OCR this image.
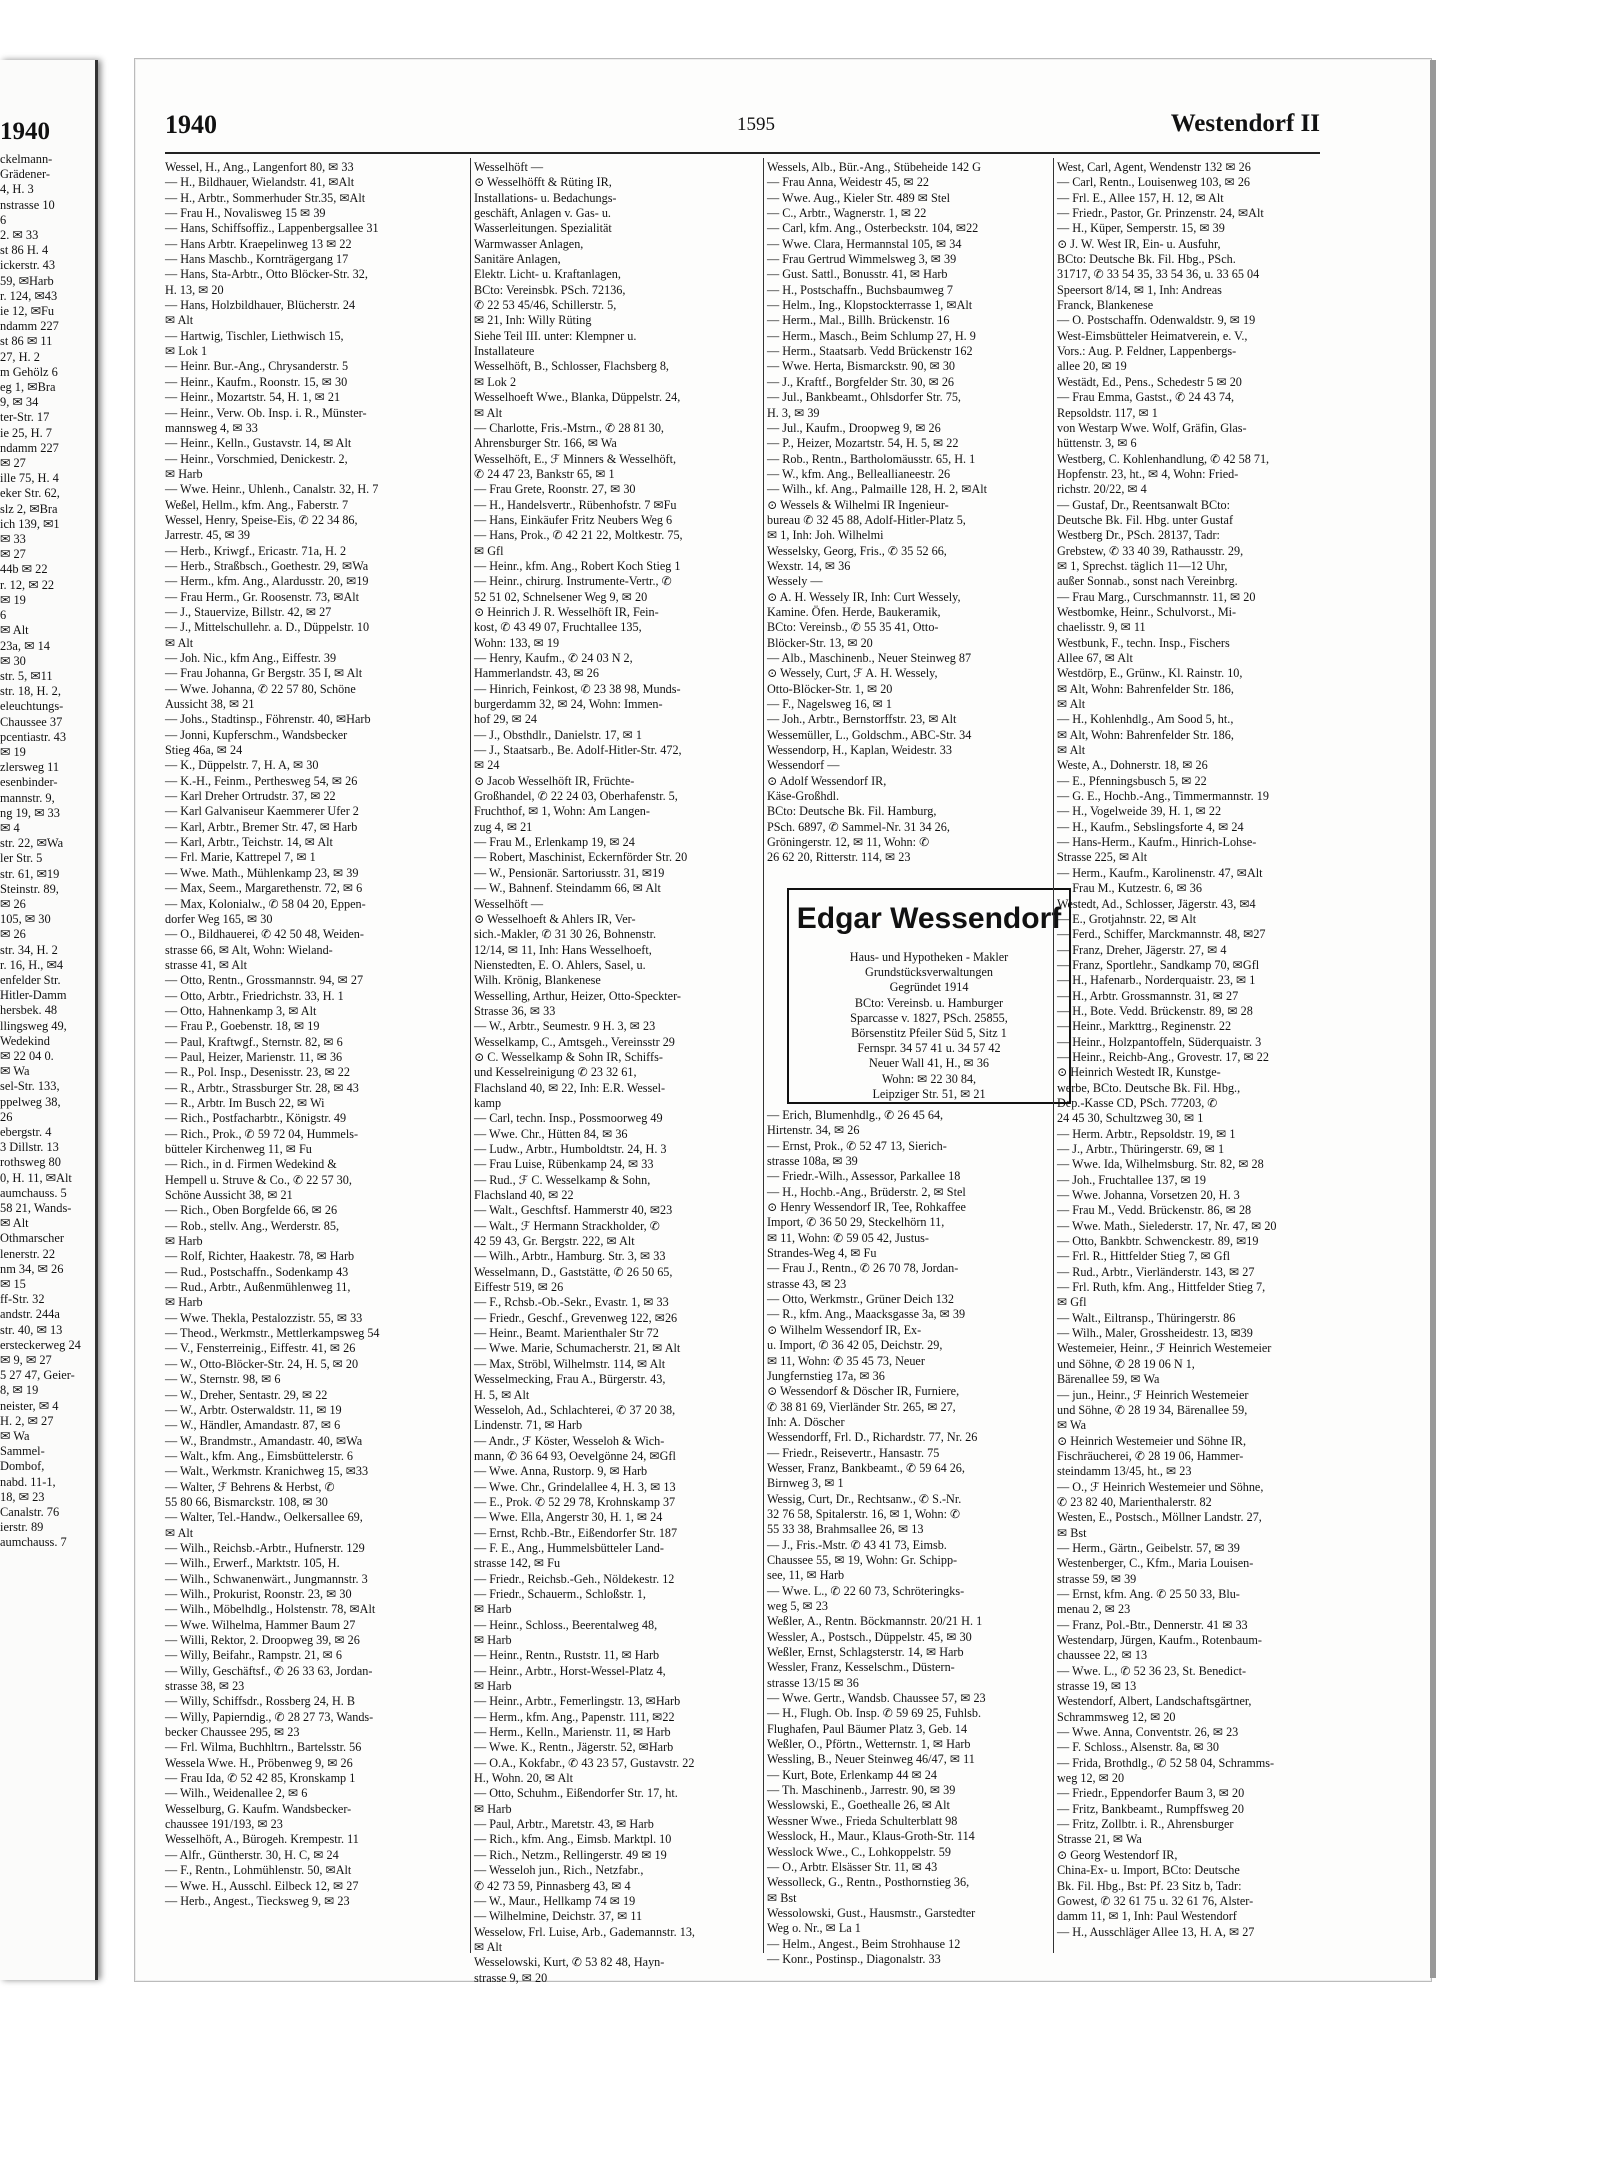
1940
ckelmann-
Grädener-
4, H. 3
nstrasse 10
6
2. ✉ 33
st 86 H. 4
ickerstr. 43
59, ✉Harb
r. 124, ✉43
ie 12, ✉Fu
ndamm 227
st 86 ✉ 11
27, H. 2
m Gehölz 6
eg 1, ✉Bra
9, ✉ 34
ter-Str. 17
ie 25, H. 7
ndamm 227
✉ 27
ille 75, H. 4
eker Str. 62,
slz 2, ✉Bra
ich 139, ✉1
✉ 33
✉ 27
44b ✉ 22
r. 12, ✉ 22
✉ 19
6
✉ Alt
23a, ✉ 14
✉ 30
str. 5, ✉11
str. 18, H. 2,
eleuchtungs-
Chaussee 37
pcentiastr. 43
✉ 19
zlersweg 11
esenbinder-
mannstr. 9,
ng 19, ✉ 33
✉ 4
str. 22, ✉Wa
ler Str. 5
str. 61, ✉19
Steinstr. 89,
✉ 26
105, ✉ 30
✉ 26
str. 34, H. 2
r. 16, H., ✉4
enfelder Str.
Hitler-Damm
hersbek. 48
llingsweg 49,
Wedekind
✉ 22 04 0.
✉ Wa
sel-Str. 133,
ppelweg 38,
26
ebergstr. 4
3 Dillstr. 13
rothsweg 80
0, H. 11, ✉Alt
aumchauss. 5
58 21, Wands-
✉ Alt
Othmarscher
lenerstr. 22
nm 34, ✉ 26
✉ 15
ff-Str. 32
andstr. 244a
str. 40, ✉ 13
ersteckerweg 24
✉ 9, ✉ 27
5 27 47, Geier-
8, ✉ 19
neister, ✉ 4
H. 2, ✉ 27
✉ Wa
Sammel-
Dombof,
nabd. 11-1,
18, ✉ 23
Canalstr. 76
ierstr. 89
aumchauss. 7
1940	1595	Westendorf II
Wessel, H., Ang., Langenfort 80, ✉ 33
— H., Bildhauer, Wielandstr. 41, ✉Alt
— H., Arbtr., Sommerhuder Str.35, ✉Alt
— Frau H., Novalisweg 15 ✉ 39
— Hans, Schiffsoffiz., Lappenbergsallee 31
— Hans Arbtr. Kraepelinweg 13 ✉ 22
— Hans Maschb., Kornträgergang 17
— Hans, Sta-Arbtr., Otto Blöcker-Str. 32,
H. 13, ✉ 20
— Hans, Holzbildhauer, Blücherstr. 24
✉ Alt
— Hartwig, Tischler, Liethwisch 15,
✉ Lok 1
— Heinr. Bur.-Ang., Chrysanderstr. 5
— Heinr., Kaufm., Roonstr. 15, ✉ 30
— Heinr., Mozartstr. 54, H. 1, ✉ 21
— Heinr., Verw. Ob. Insp. i. R., Münster-
mannsweg 4, ✉ 33
— Heinr., Kelln., Gustavstr. 14, ✉ Alt
— Heinr., Vorschmied, Denickestr. 2,
✉ Harb
— Wwe. Heinr., Uhlenh., Canalstr. 32, H. 7
Weßel, Hellm., kfm. Ang., Faberstr. 7
Wessel, Henry, Speise-Eis, ✆ 22 34 86,
Jarrestr. 45, ✉ 39
— Herb., Kriwgf., Ericastr. 71a, H. 2
— Herb., Straßbsch., Goethestr. 29, ✉Wa
— Herm., kfm. Ang., Alardusstr. 20, ✉19
— Frau Herm., Gr. Roosenstr. 73, ✉Alt
— J., Stauervize, Billstr. 42, ✉ 27
— J., Mittelschullehr. a. D., Düppelstr. 10
✉ Alt
— Joh. Nic., kfm Ang., Eiffestr. 39
— Frau Johanna, Gr Bergstr. 35 I, ✉ Alt
— Wwe. Johanna, ✆ 22 57 80, Schöne
Aussicht 38, ✉ 21
— Johs., Stadtinsp., Föhrenstr. 40, ✉Harb
— Jonni, Kupferschm., Wandsbecker
Stieg 46a, ✉ 24
— K., Düppelstr. 7, H. A, ✉ 30
— K.-H., Feinm., Perthesweg 54, ✉ 26
— Karl Dreher Ortrudstr. 37, ✉ 22
— Karl Galvaniseur Kaemmerer Ufer 2
— Karl, Arbtr., Bremer Str. 47, ✉ Harb
— Karl, Arbtr., Teichstr. 14, ✉ Alt
— Frl. Marie, Kattrepel 7, ✉ 1
— Wwe. Math., Mühlenkamp 23, ✉ 39
— Max, Seem., Margarethenstr. 72, ✉ 6
— Max, Kolonialw., ✆ 58 04 20, Eppen-
dorfer Weg 165, ✉ 30
— O., Bildhauerei, ✆ 42 50 48, Weiden-
strasse 66, ✉ Alt, Wohn: Wieland-
strasse 41, ✉ Alt
— Otto, Rentn., Grossmannstr. 94, ✉ 27
— Otto, Arbtr., Friedrichstr. 33, H. 1
— Otto, Hahnenkamp 3, ✉ Alt
— Frau P., Goebenstr. 18, ✉ 19
— Paul, Kraftwgf., Sternstr. 82, ✉ 6
— Paul, Heizer, Marienstr. 11, ✉ 36
— R., Pol. Insp., Desenisstr. 23, ✉ 22
— R., Arbtr., Strassburger Str. 28, ✉ 43
— R., Arbtr. Im Busch 22, ✉ Wi
— Rich., Postfacharbtr., Königstr. 49
— Rich., Prok., ✆ 59 72 04, Hummels-
bütteler Kirchenweg 11, ✉ Fu
— Rich., in d. Firmen Wedekind &
Hempell u. Struve & Co., ✆ 22 57 30,
Schöne Aussicht 38, ✉ 21
— Rich., Oben Borgfelde 66, ✉ 26
— Rob., stellv. Ang., Werderstr. 85,
✉ Harb
— Rolf, Richter, Haakestr. 78, ✉ Harb
— Rud., Postschaffn., Sodenkamp 43
— Rud., Arbtr., Außenmühlenweg 11,
✉ Harb
— Wwe. Thekla, Pestalozzistr. 55, ✉ 33
— Theod., Werkmstr., Mettlerkampsweg 54
— V., Fensterreinig., Eiffestr. 41, ✉ 26
— W., Otto-Blöcker-Str. 24, H. 5, ✉ 20
— W., Sternstr. 98, ✉ 6
— W., Dreher, Sentastr. 29, ✉ 22
— W., Arbtr. Osterwaldstr. 11, ✉ 19
— W., Händler, Amandastr. 87, ✉ 6
— W., Brandmstr., Amandastr. 40, ✉Wa
— Walt., kfm. Ang., Eimsbüttelerstr. 6
— Walt., Werkmstr. Kranichweg 15, ✉33
— Walter, ℱ Behrens & Herbst, ✆
55 80 66, Bismarckstr. 108, ✉ 30
— Walter, Tel.-Handw., Oelkersallee 69,
✉ Alt
— Wilh., Reichsb.-Arbtr., Hufnerstr. 129
— Wilh., Erwerf., Marktstr. 105, H.
— Wilh., Schwanenwärt., Jungmannstr. 3
— Wilh., Prokurist, Roonstr. 23, ✉ 30
— Wilh., Möbelhdlg., Holstenstr. 78, ✉Alt
— Wwe. Wilhelma, Hammer Baum 27
— Willi, Rektor, 2. Droopweg 39, ✉ 26
— Willy, Beifahr., Rampstr. 21, ✉ 6
— Willy, Geschäftsf., ✆ 26 33 63, Jordan-
strasse 38, ✉ 23
— Willy, Schiffsdr., Rossberg 24, H. B
— Willy, Papierndig., ✆ 28 27 73, Wands-
becker Chaussee 295, ✉ 23
— Frl. Wilma, Buchhltrn., Bartelsstr. 56
Wessela Wwe. H., Pröbenweg 9, ✉ 26
— Frau Ida, ✆ 52 42 85, Kronskamp 1
— Wilh., Weidenallee 2, ✉ 6
Wesselburg, G. Kaufm. Wandsbecker-
chaussee 191/193, ✉ 23
Wesselhöft, A., Bürogeh. Krempestr. 11
— Alfr., Güntherstr. 30, H. C, ✉ 24
— F., Rentn., Lohmühlenstr. 50, ✉Alt
— Wwe. H., Ausschl. Eilbeck 12, ✉ 27
— Herb., Angest., Tiecksweg 9, ✉ 23
Wesselhöft —
⊙ Wesselhöfft & Rüting IR,
Installations- u. Bedachungs-
geschäft, Anlagen v. Gas- u.
Wasserleitungen. Spezialität
Warmwasser Anlagen,
Sanitäre Anlagen,
Elektr. Licht- u. Kraftanlagen,
BCto: Vereinsbk. PSch. 72136,
✆ 22 53 45/46, Schillerstr. 5,
✉ 21, Inh: Willy Rüting
Siehe Teil III. unter: Klempner u.
Installateure
Wesselhöft, B., Schlosser, Flachsberg 8,
✉ Lok 2
Wesselhoeft Wwe., Blanka, Düppelstr. 24,
✉ Alt
— Charlotte, Fris.-Mstrn., ✆ 28 81 30,
Ahrensburger Str. 166, ✉ Wa
Wesselhöft, E., ℱ Minners & Wesselhöft,
✆ 24 47 23, Bankstr 65, ✉ 1
— Frau Grete, Roonstr. 27, ✉ 30
— H., Handelsvertr., Rübenhofstr. 7 ✉Fu
— Hans, Einkäufer Fritz Neubers Weg 6
— Hans, Prok., ✆ 42 21 22, Moltkestr. 75,
✉ Gfl
— Heinr., kfm. Ang., Robert Koch Stieg 1
— Heinr., chirurg. Instrumente-Vertr., ✆
52 51 02, Schnelsener Weg 9, ✉ 20
⊙ Heinrich J. R. Wesselhöft IR, Fein-
kost, ✆ 43 49 07, Fruchtallee 135,
Wohn: 133, ✉ 19
— Henry, Kaufm., ✆ 24 03 N 2,
Hammerlandstr. 43, ✉ 26
— Hinrich, Feinkost, ✆ 23 38 98, Munds-
burgerdamm 32, ✉ 24, Wohn: Immen-
hof 29, ✉ 24
— J., Obsthdlr., Danielstr. 17, ✉ 1
— J., Staatsarb., Be. Adolf-Hitler-Str. 472,
✉ 24
⊙ Jacob Wesselhöft IR, Früchte-
Großhandel, ✆ 22 24 03, Oberhafenstr. 5,
Fruchthof, ✉ 1, Wohn: Am Langen-
zug 4, ✉ 21
— Frau M., Erlenkamp 19, ✉ 24
— Robert, Maschinist, Eckernförder Str. 20
— W., Pensionär. Sartoriusstr. 31, ✉19
— W., Bahnenf. Steindamm 66, ✉ Alt
Wesselhöft —
⊙ Wesselhoeft & Ahlers IR, Ver-
sich.-Makler, ✆ 31 30 26, Bohnenstr.
12/14, ✉ 11, Inh: Hans Wesselhoeft,
Nienstedten, E. O. Ahlers, Sasel, u.
Wilh. Krönig, Blankenese
Wesselling, Arthur, Heizer, Otto-Speckter-
Strasse 36, ✉ 33
— W., Arbtr., Seumestr. 9 H. 3, ✉ 23
Wesselkamp, C., Amtsgeh., Vereinsstr 29
⊙ C. Wesselkamp & Sohn IR, Schiffs-
und Kesselreinigung ✆ 23 32 61,
Flachsland 40, ✉ 22, Inh: E.R. Wessel-
kamp
— Carl, techn. Insp., Possmoorweg 49
— Wwe. Chr., Hütten 84, ✉ 36
— Ludw., Arbtr., Humboldtstr. 24, H. 3
— Frau Luise, Rübenkamp 24, ✉ 33
— Rud., ℱ C. Wesselkamp & Sohn,
Flachsland 40, ✉ 22
— Walt., Geschftsf. Hammerstr 40, ✉23
— Walt., ℱ Hermann Strackholder, ✆
42 59 43, Gr. Bergstr. 222, ✉ Alt
— Wilh., Arbtr., Hamburg. Str. 3, ✉ 33
Wesselmann, D., Gaststätte, ✆ 26 50 65,
Eiffestr 519, ✉ 26
— F., Rchsb.-Ob.-Sekr., Evastr. 1, ✉ 33
— Friedr., Geschf., Grevenweg 122, ✉26
— Heinr., Beamt. Marienthaler Str 72
— Wwe. Marie, Schumacherstr. 21, ✉ Alt
— Max, Ströbl, Wilhelmstr. 114, ✉ Alt
Wesselmecking, Frau A., Bürgerstr. 43,
H. 5, ✉ Alt
Wesseloh, Ad., Schlachterei, ✆ 37 20 38,
Lindenstr. 71, ✉ Harb
— Andr., ℱ Köster, Wesseloh & Wich-
mann, ✆ 36 64 93, Oevelgönne 24, ✉Gfl
— Wwe. Anna, Rustorp. 9, ✉ Harb
— Wwe. Chr., Grindelallee 4, H. 3, ✉ 13
— E., Prok. ✆ 52 29 78, Krohnskamp 37
— Wwe. Ella, Angerstr 30, H. 1, ✉ 24
— Ernst, Rchb.-Btr., Eißendorfer Str. 187
— F. E., Ang., Hummelsbütteler Land-
strasse 142, ✉ Fu
— Friedr., Reichsb.-Geh., Nöldekestr. 12
— Friedr., Schauerm., Schloßstr. 1,
✉ Harb
— Heinr., Schloss., Beerentalweg 48,
✉ Harb
— Heinr., Rentn., Ruststr. 11, ✉ Harb
— Heinr., Arbtr., Horst-Wessel-Platz 4,
✉ Harb
— Heinr., Arbtr., Femerlingstr. 13, ✉Harb
— Herm., kfm. Ang., Papenstr. 111, ✉22
— Herm., Kelln., Marienstr. 11, ✉ Harb
— Wwe. K., Rentn., Jägerstr. 52, ✉Harb
— O.A., Kokfabr., ✆ 43 23 57, Gustavstr. 22
H., Wohn. 20, ✉ Alt
— Otto, Schuhm., Eißendorfer Str. 17, ht.
✉ Harb
— Paul, Arbtr., Maretstr. 43, ✉ Harb
— Rich., kfm. Ang., Eimsb. Marktpl. 10
— Rich., Netzm., Rellingerstr. 49 ✉ 19
— Wesseloh jun., Rich., Netzfabr.,
✆ 42 73 59, Pinnasberg 43, ✉ 4
— W., Maur., Hellkamp 74 ✉ 19
— Wilhelmine, Deichstr. 37, ✉ 11
Wesselow, Frl. Luise, Arb., Gademannstr. 13,
✉ Alt
Wesselowski, Kurt, ✆ 53 82 48, Hayn-
strasse 9, ✉ 20
Wessels, Alb., Bür.-Ang., Stübeheide 142 G
— Frau Anna, Weidestr 45, ✉ 22
— Wwe. Aug., Kieler Str. 489 ✉ Stel
— C., Arbtr., Wagnerstr. 1, ✉ 22
— Carl, kfm. Ang., Osterbeckstr. 104, ✉22
— Wwe. Clara, Hermannstal 105, ✉ 34
— Frau Gertrud Wimmelsweg 3, ✉ 39
— Gust. Sattl., Bonusstr. 41, ✉ Harb
— H., Postschaffn., Buchsbaumweg 7
— Helm., Ing., Klopstockterrasse 1, ✉Alt
— Herm., Mal., Billh. Brückenstr. 16
— Herm., Masch., Beim Schlump 27, H. 9
— Herm., Staatsarb. Vedd Brückenstr 162
— Wwe. Herta, Bismarckstr. 90, ✉ 30
— J., Kraftf., Borgfelder Str. 30, ✉ 26
— Jul., Bankbeamt., Ohlsdorfer Str. 75,
H. 3, ✉ 39
— Jul., Kaufm., Droopweg 9, ✉ 26
— P., Heizer, Mozartstr. 54, H. 5, ✉ 22
— Rob., Rentn., Bartholomäusstr. 65, H. 1
— W., kfm. Ang., Belleallianeestr. 26
— Wilh., kf. Ang., Palmaille 128, H. 2, ✉Alt
⊙ Wessels & Wilhelmi IR Ingenieur-
bureau ✆ 32 45 88, Adolf-Hitler-Platz 5,
✉ 1, Inh: Joh. Wilhelmi
Wesselsky, Georg, Fris., ✆ 35 52 66,
Wexstr. 14, ✉ 36
Wessely —
⊙ A. H. Wessely IR, Inh: Curt Wessely,
Kamine. Öfen. Herde, Baukeramik,
BCto: Vereinsb., ✆ 55 35 41, Otto-
Blöcker-Str. 13, ✉ 20
— Alb., Maschinenb., Neuer Steinweg 87
⊙ Wessely, Curt, ℱ A. H. Wessely,
Otto-Blöcker-Str. 1, ✉ 20
— F., Nagelsweg 16, ✉ 1
— Joh., Arbtr., Bernstorffstr. 23, ✉ Alt
Wessemüller, L., Goldschm., ABC-Str. 34
Wessendorp, H., Kaplan, Weidestr. 33
Wessendorf —
⊙ Adolf Wessendorf IR,
Käse-Großhdl.
BCto: Deutsche Bk. Fil. Hamburg,
PSch. 6897, ✆ Sammel-Nr. 31 34 26,
Gröningerstr. 12, ✉ 11, Wohn: ✆
26 62 20, Ritterstr. 114, ✉ 23
Edgar Wessendorf
Haus- und Hypotheken - Makler
Grundstücksverwaltungen
Gegründet 1914
BCto: Vereinsb. u. Hamburger
Sparcasse v. 1827, PSch. 25855,
Börsenstitz Pfeiler Süd 5, Sitz 1
Fernspr. 34 57 41 u. 34 57 42
Neuer Wall 41, H., ✉ 36
Wohn: ✉ 22 30 84,
Leipziger Str. 51, ✉ 21
— Erich, Blumenhdlg., ✆ 26 45 64,
Hirtenstr. 34, ✉ 26
— Ernst, Prok., ✆ 52 47 13, Sierich-
strasse 108a, ✉ 39
— Friedr.-Wilh., Assessor, Parkallee 18
— H., Hochb.-Ang., Brüderstr. 2, ✉ Stel
⊙ Henry Wessendorf IR, Tee, Rohkaffee
Import, ✆ 36 50 29, Steckelhörn 11,
✉ 11, Wohn: ✆ 59 05 42, Justus-
Strandes-Weg 4, ✉ Fu
— Frau J., Rentn., ✆ 26 70 78, Jordan-
strasse 43, ✉ 23
— Otto, Werkmstr., Grüner Deich 132
— R., kfm. Ang., Maacksgasse 3a, ✉ 39
⊙ Wilhelm Wessendorf IR, Ex-
u. Import, ✆ 36 42 05, Deichstr. 29,
✉ 11, Wohn: ✆ 35 45 73, Neuer
Jungfernstieg 17a, ✉ 36
⊙ Wessendorf & Döscher IR, Furniere,
✆ 38 81 69, Vierländer Str. 265, ✉ 27,
Inh: A. Döscher
Wessendorff, Frl. D., Richardstr. 77, Nr. 26
— Friedr., Reisevertr., Hansastr. 75
Wesser, Franz, Bankbeamt., ✆ 59 64 26,
Birnweg 3, ✉ 1
Wessig, Curt, Dr., Rechtsanw., ✆ S.-Nr.
32 76 58, Spitalerstr. 16, ✉ 1, Wohn: ✆
55 33 38, Brahmsallee 26, ✉ 13
— J., Fris.-Mstr. ✆ 43 41 73, Eimsb.
Chaussee 55, ✉ 19, Wohn: Gr. Schipp-
see, 11, ✉ Harb
— Wwe. L., ✆ 22 60 73, Schröteringks-
weg 5, ✉ 23
Weßler, A., Rentn. Böckmannstr. 20/21 H. 1
Wessler, A., Postsch., Düppelstr. 45, ✉ 30
Weßler, Ernst, Schlagsterstr. 14, ✉ Harb
Wessler, Franz, Kesselschm., Düstern-
strasse 13/15 ✉ 36
— Wwe. Gertr., Wandsb. Chaussee 57, ✉ 23
— H., Flugh. Ob. Insp. ✆ 59 69 25, Fuhlsb.
Flughafen, Paul Bäumer Platz 3, Geb. 14
Weßler, O., Pförtn., Wetternstr. 1, ✉ Harb
Wessling, B., Neuer Steinweg 46/47, ✉ 11
— Kurt, Bote, Erlenkamp 44 ✉ 24
— Th. Maschinenb., Jarrestr. 90, ✉ 39
Wesslowski, E., Goethealle 26, ✉ Alt
Wessner Wwe., Frieda Schulterblatt 98
Wesslock, H., Maur., Klaus-Groth-Str. 114
Wesslock Wwe., C., Lohkoppelstr. 59
— O., Arbtr. Elsässer Str. 11, ✉ 43
Wessolleck, G., Rentn., Posthornstieg 36,
✉ Bst
Wessolowski, Gust., Hausmstr., Garstedter
Weg o. Nr., ✉ La 1
— Helm., Angest., Beim Strohhause 12
— Konr., Postinsp., Diagonalstr. 33
West, Carl, Agent, Wendenstr 132 ✉ 26
— Carl, Rentn., Louisenweg 103, ✉ 26
— Frl. E., Allee 157, H. 12, ✉ Alt
— Friedr., Pastor, Gr. Prinzenstr. 24, ✉Alt
— H., Küper, Semperstr. 15, ✉ 39
⊙ J. W. West IR, Ein- u. Ausfuhr,
BCto: Deutsche Bk. Fil. Hbg., PSch.
31717, ✆ 33 54 35, 33 54 36, u. 33 65 04
Speersort 8/14, ✉ 1, Inh: Andreas
Franck, Blankenese
— O. Postschaffn. Odenwaldstr. 9, ✉ 19
West-Eimsbütteler Heimatverein, e. V.,
Vors.: Aug. P. Feldner, Lappenbergs-
allee 20, ✉ 19
Westädt, Ed., Pens., Schedestr 5 ✉ 20
— Frau Emma, Gastst., ✆ 24 43 74,
Repsoldstr. 117, ✉ 1
von Westarp Wwe. Wolf, Gräfin, Glas-
hüttenstr. 3, ✉ 6
Westberg, C. Kohlenhandlung, ✆ 42 58 71,
Hopfenstr. 23, ht., ✉ 4, Wohn: Fried-
richstr. 20/22, ✉ 4
— Gustaf, Dr., Reentsanwalt BCto:
Deutsche Bk. Fil. Hbg. unter Gustaf
Westberg Dr., PSch. 28137, Tadr:
Grebstew, ✆ 33 40 39, Rathausstr. 29,
✉ 1, Sprechst. täglich 11—12 Uhr,
außer Sonnab., sonst nach Vereinbrg.
— Frau Marg., Curschmannstr. 11, ✉ 20
Westbomke, Heinr., Schulvorst., Mi-
chaelisstr. 9, ✉ 11
Westbunk, F., techn. Insp., Fischers
Allee 67, ✉ Alt
Westdörp, E., Grünw., Kl. Rainstr. 10,
✉ Alt, Wohn: Bahrenfelder Str. 186,
✉ Alt
— H., Kohlenhdlg., Am Sood 5, ht.,
✉ Alt, Wohn: Bahrenfelder Str. 186,
✉ Alt
Weste, A., Dohnerstr. 18, ✉ 26
— E., Pfenningsbusch 5, ✉ 22
— G. E., Hochb.-Ang., Timmermannstr. 19
— H., Vogelweide 39, H. 1, ✉ 22
— H., Kaufm., Sebslingsforte 4, ✉ 24
— Hans-Herm., Kaufm., Hinrich-Lohse-
Strasse 225, ✉ Alt
— Herm., Kaufm., Karolinenstr. 47, ✉Alt
— Frau M., Kutzestr. 6, ✉ 36
Westedt, Ad., Schlosser, Jägerstr. 43, ✉4
— E., Grotjahnstr. 22, ✉ Alt
— Ferd., Schiffer, Marckmannstr. 48, ✉27
— Franz, Dreher, Jägerstr. 27, ✉ 4
— Franz, Sportlehr., Sandkamp 70, ✉Gfl
— H., Hafenarb., Norderquaistr. 23, ✉ 1
— H., Arbtr. Grossmannstr. 31, ✉ 27
— H., Bote. Vedd. Brückenstr. 89, ✉ 28
— Heinr., Markttrg., Reginenstr. 22
— Heinr., Holzpantoffeln, Süderquaistr. 3
— Heinr., Reichb-Ang., Grovestr. 17, ✉ 22
⊙ Heinrich Westedt IR, Kunstge-
werbe, BCto. Deutsche Bk. Fil. Hbg.,
Dep.-Kasse CD, PSch. 77203, ✆
24 45 30, Schultzweg 30, ✉ 1
— Herm. Arbtr., Repsoldstr. 19, ✉ 1
— J., Arbtr., Thüringerstr. 69, ✉ 1
— Wwe. Ida, Wilhelmsburg. Str. 82, ✉ 28
— Joh., Fruchtallee 137, ✉ 19
— Wwe. Johanna, Vorsetzen 20, H. 3
— Frau M., Vedd. Brückenstr. 86, ✉ 28
— Wwe. Math., Sielederstr. 17, Nr. 47, ✉ 20
— Otto, Bankbtr. Schwenckestr. 89, ✉19
— Frl. R., Hittfelder Stieg 7, ✉ Gfl
— Rud., Arbtr., Vierländerstr. 143, ✉ 27
— Frl. Ruth, kfm. Ang., Hittfelder Stieg 7,
✉ Gfl
— Walt., Eiltransp., Thüringerstr. 86
— Wilh., Maler, Grossheidestr. 13, ✉39
Westemeier, Heinr., ℱ Heinrich Westemeier
und Söhne, ✆ 28 19 06 N 1,
Bärenallee 59, ✉ Wa
— jun., Heinr., ℱ Heinrich Westemeier
und Söhne, ✆ 28 19 34, Bärenallee 59,
✉ Wa
⊙ Heinrich Westemeier und Söhne IR,
Fischräucherei, ✆ 28 19 06, Hammer-
steindamm 13/45, ht., ✉ 23
— O., ℱ Heinrich Westemeier und Söhne,
✆ 23 82 40, Marienthalerstr. 82
Westen, E., Postsch., Möllner Landstr. 27,
✉ Bst
— Herm., Gärtn., Geibelstr. 57, ✉ 39
Westenberger, C., Kfm., Maria Louisen-
strasse 59, ✉ 39
— Ernst, kfm. Ang. ✆ 25 50 33, Blu-
menau 2, ✉ 23
— Franz, Pol.-Btr., Dennerstr. 41 ✉ 33
Westendarp, Jürgen, Kaufm., Rotenbaum-
chaussee 22, ✉ 13
— Wwe. L., ✆ 52 36 23, St. Benedict-
strasse 19, ✉ 13
Westendorf, Albert, Landschaftsgärtner,
Schrammsweg 12, ✉ 20
— Wwe. Anna, Conventstr. 26, ✉ 23
— F. Schloss., Alsenstr. 8a, ✉ 30
— Frida, Brothdlg., ✆ 52 58 04, Schramms-
weg 12, ✉ 20
— Friedr., Eppendorfer Baum 3, ✉ 20
— Fritz, Bankbeamt., Rumpffsweg 20
— Fritz, Zollbtr. i. R., Ahrensburger
Strasse 21, ✉ Wa
⊙ Georg Westendorf IR,
China-Ex- u. Import, BCto: Deutsche
Bk. Fil. Hbg., Bst: Pf. 23 Sitz b, Tadr:
Gowest, ✆ 32 61 75 u. 32 61 76, Alster-
damm 11, ✉ 1, Inh: Paul Westendorf
— H., Ausschläger Allee 13, H. A, ✉ 27
